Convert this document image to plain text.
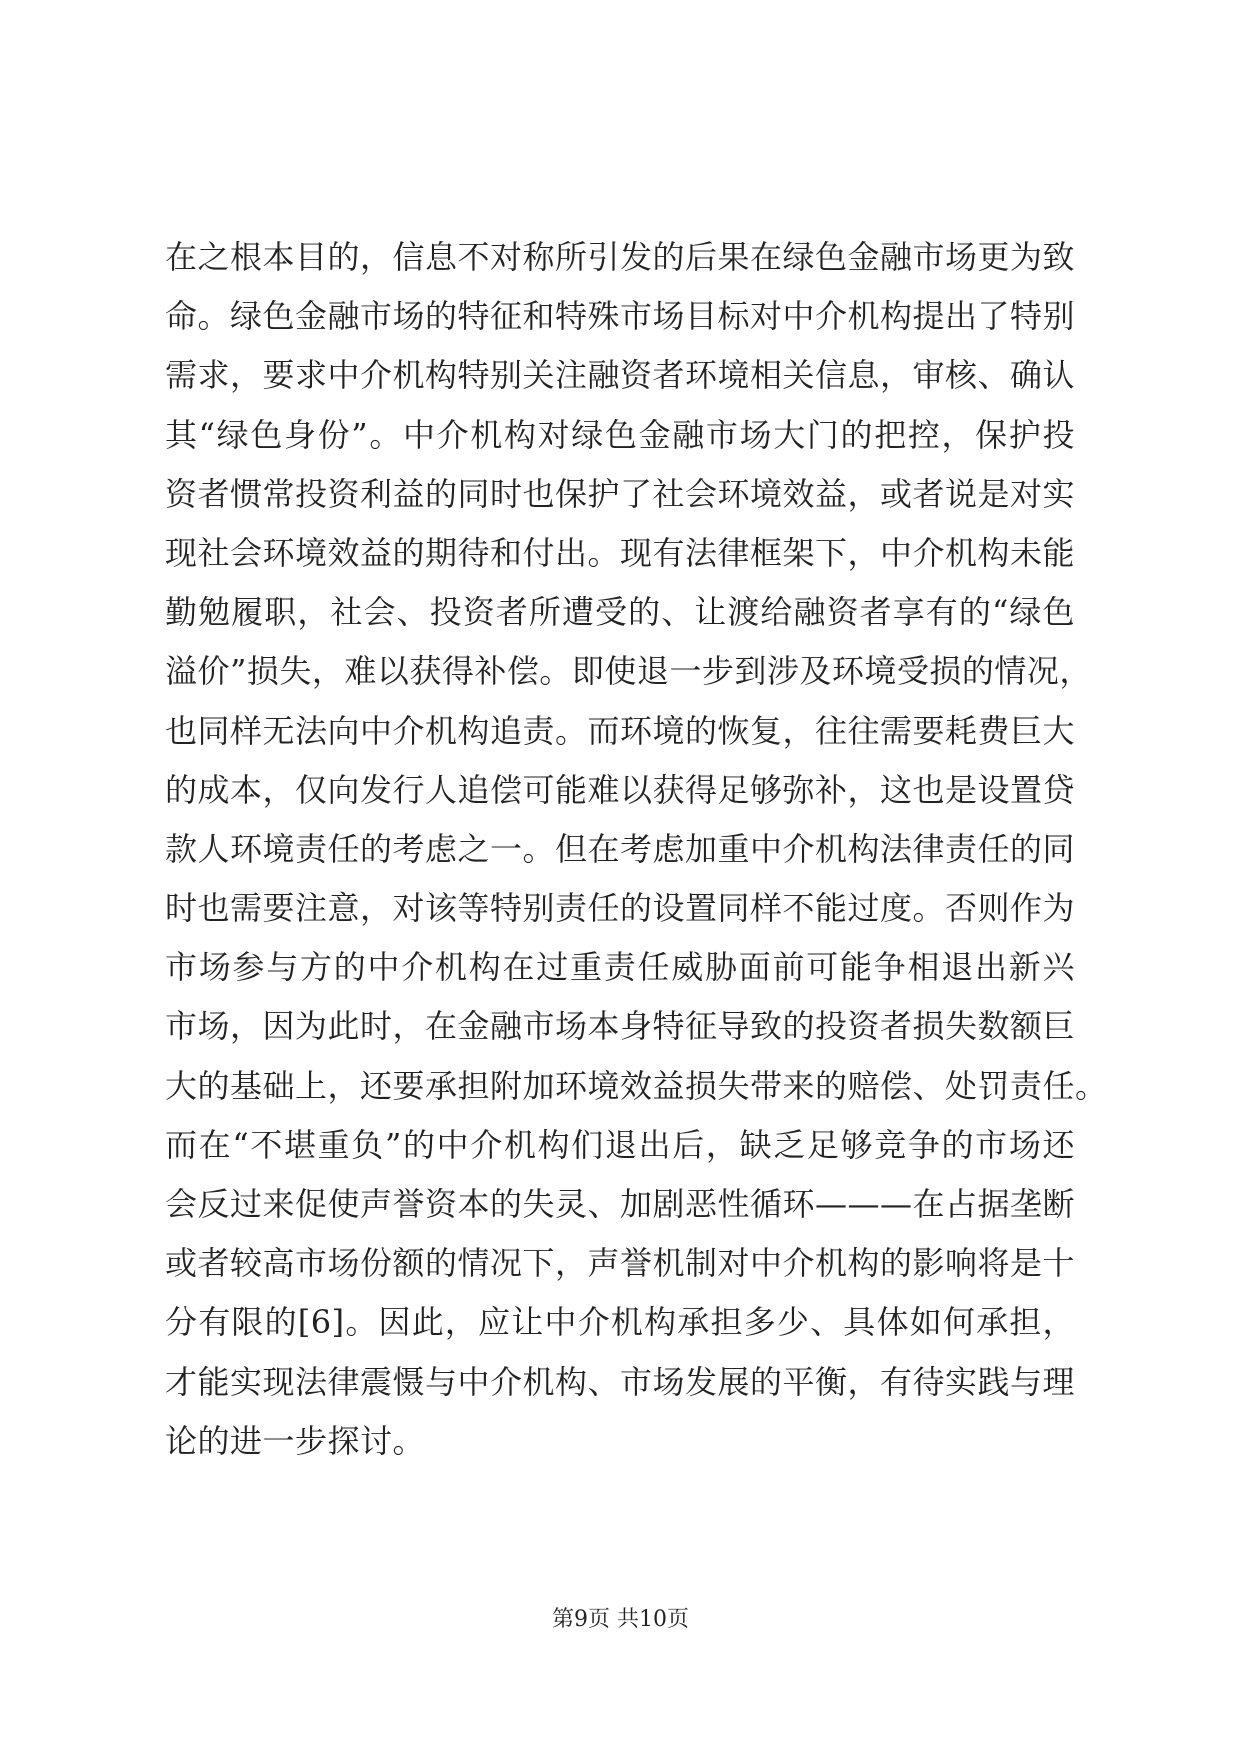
在之根本目的，信息不对称所引发的后果在绿色金融市场更为致
命。绿色金融市场的特征和特殊市场目标对中介机构提出了特别
需求，要求中介机构特别关注融资者环境相关信息，审核、确认
其“绿色身份”。中介机构对绿色金融市场大门的把控，保护投
资者惯常投资利益的同时也保护了社会环境效益，或者说是对实
现社会环境效益的期待和付出。现有法律框架下，中介机构未能
勤勉履职，社会、投资者所遭受的、让渡给融资者享有的“绿色
溢价”损失，难以获得补偿。即使退一步到涉及环境受损的情况，
也同样无法向中介机构追责。而环境的恢复，往往需要耗费巨大
的成本，仅向发行人追偿可能难以获得足够弥补，这也是设置贷
款人环境责任的考虑之一。但在考虑加重中介机构法律责任的同
时也需要注意，对该等特别责任的设置同样不能过度。否则作为
市场参与方的中介机构在过重责任威胁面前可能争相退出新兴
市场，因为此时，在金融市场本身特征导致的投资者损失数额巨
大的基础上，还要承担附加环境效益损失带来的赔偿、处罚责任。
而在“不堪重负”的中介机构们退出后，缺乏足够竞争的市场还
会反过来促使声誉资本的失灵、加剧恶性循环———在占据垄断
或者较高市场份额的情况下，声誉机制对中介机构的影响将是十
分有限的[6]。因此，应让中介机构承担多少、具体如何承担，
才能实现法律震慑与中介机构、市场发展的平衡，有待实践与理
论的进一步探讨。
第9页 共10页
